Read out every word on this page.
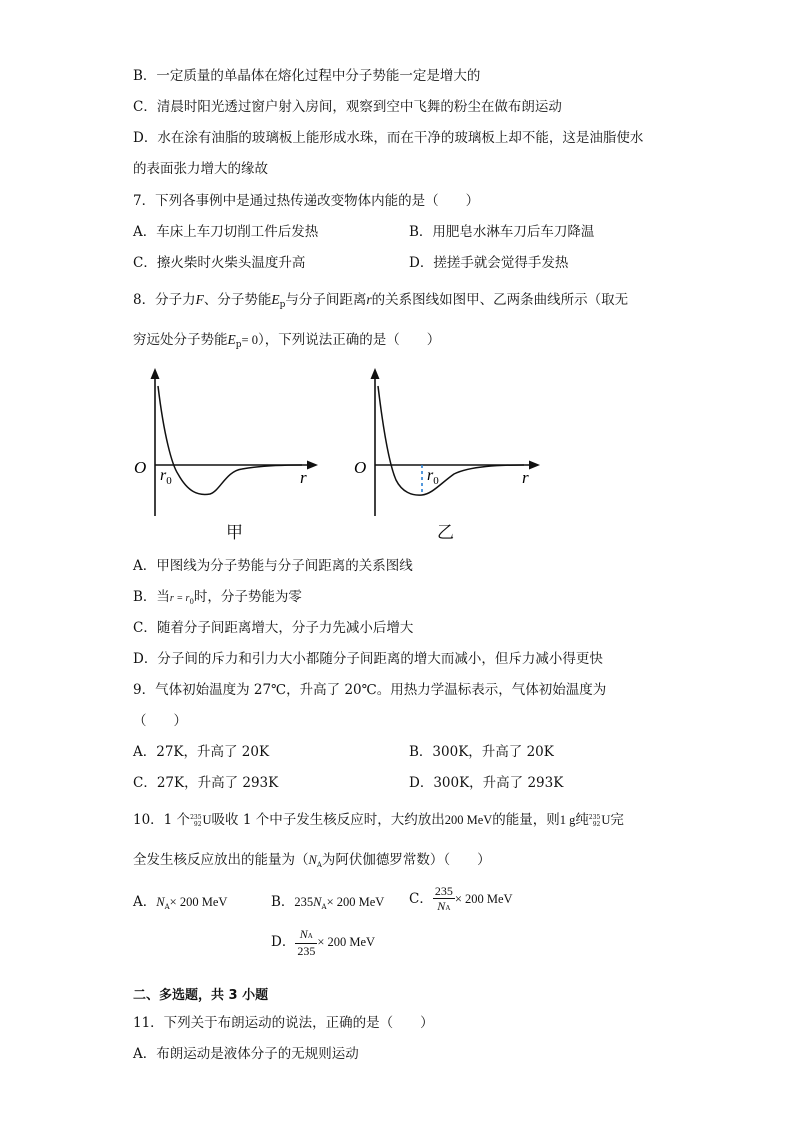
B．一定质量的单晶体在熔化过程中分子势能一定是增大的
C．清晨时阳光透过窗户射入房间，观察到空中飞舞的粉尘在做布朗运动
D．水在涂有油脂的玻璃板上能形成水珠，而在干净的玻璃板上却不能，这是油脂使水
的表面张力增大的缘故
7．下列各事例中是通过热传递改变物体内能的是（　　）
A．车床上车刀切削工件后发热	B．用肥皂水淋车刀后车刀降温
C．擦火柴时火柴头温度升高	D．搓搓手就会觉得手发热
8．分子力F、分子势能$E_p$与分子间距离r的关系图线如图甲、乙两条曲线所示（取无
穷远处分子势能$E_p= 0$），下列说法正确的是（　　）
O $r_0$	r
甲
O	$r_0$	r
乙
A．甲图线为分子势能与分子间距离的关系图线
B．当$r = r_0$时，分子势能为零
C．随着分子间距离增大，分子力先减小后增大
D．分子间的斥力和引力大小都随分子间距离的增大而减小，但斥力减小得更快
9．气体初始温度为 27℃，升高了 20℃。用热力学温标表示，气体初始温度为
（　　）
A．27K，升高了 20K	B．300K，升高了 20K
C．27K，升高了 293K	D．300K，升高了 293K
10．1 个 235
92 U吸收 1 个中子发生核反应时，大约放出200 MeV的能量，则1 g纯 235
92 U完
全发生核反应放出的能量为（$N_A$为阿伏伽德罗常数）（　　）
A．$N_A\times 200$ MeV	B．$235N_A\times 200$ MeV C． $\frac{235}{NA} \times 200$ MeV
D． $\frac{NA}{235} \times 200$ MeV
二、多选题，共 3 小题
11．下列关于布朗运动的说法，正确的是（　　）
A．布朗运动是液体分子的无规则运动
